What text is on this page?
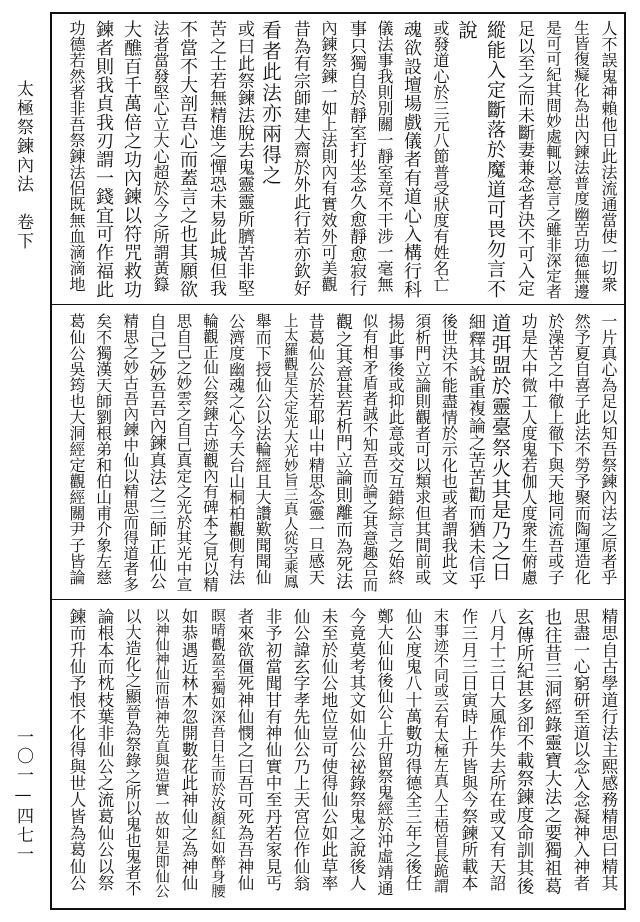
太極祭鍊內法　卷下
一〇一—四七一
人不誤鬼神賴他日此法流通當使一切衆
生皆復癡化為出內鍊法普度幽苦功德無邊
是可可紀其間妙處輒以意言之雖非深定者
足以至之而未斷妻兼念者決不可入定
縱能入定斷落於魔道可畏勿言不
說
或發道心於三元八節普受狀度有姓名亡
魂欲設壇場戲儀者有道心入構行科
儀法事我則別關一靜室竟不干涉一毫無
事只獨自於靜室打坐念久愈靜愈寂行
內鍊祭鍊一如上法則內有實效外可美觀
昔為有宗師建大齋於外此行若亦欽好
看者此法亦兩得之
或曰此祭鍊法脫去鬼靈靈所臍苦非堅
苦之士若無精進之憚恐未易此城但我
不當不大剖吾心而蓋言之也其願欲
法者當發堅心立大心超於今之所謂黃籙
大醮百千萬倍之功內鍊以符咒救功
鍊者則我貞我刃謂一錢宜可作福此
功德若然者非吾祭鍊法侶既無血滴滴地
一片真心為足以知吾祭鍊內法之原者乎
然予夏自喜子此法不勞予聚而陶運造化
於澡苦之中徹上徹下與天地同流吾或子
功是大中微工人度鬼若伽人度衆生俯慮
道弭盟於靈臺祭火其是乃之日
細釋其說重複論之苦苦勸而猶未信乎
後世決不能盡情於示化也或者謂我此文
須析門立論則觀者可以類求但其間前或
揚此事後或抑此意或交互錯綜言之始終
似有相矛盾者誠不知吾而論之其意趣合而
觀之其意甚若析門立論則離而為死法
昔葛仙公於若耶山中精思念靈一旦感天
上太羅觀是天定光大光妙旨三真人從空乘鳳
舉而下授仙公以法輪經且大讚歎聞聞仙
公濟度幽魂之心今天台山桐柏觀側有法
輪觀正仙公祭鍊古迹觀內有碑本之見以精
思自己之妙雲之自己真定之光於其光中宣
自己之妙吾吾內鍊真法之三師正仙公
精思之妙古吾內鍊中仙以精思而得道者多
矣不獨漢天師劉根弟和伯山甫介象左慈
葛仙公吳筠也大洞經定觀經關尹子皆論
精思自古學道行法主熙感務精思曰精其
思盡一心窮研至道以念入念凝神入神者
也往昔三洞經錄靈寶大法之要獨祖葛
玄傳所紀甚多卻不載祭鍊度命訓其後
八月十三日大風作失去所在或又有天詔
作三月三日寅時上升皆與今祭鍊所載本
末事迹不同或云有太極左真人王梧首長跪謂
仙公度鬼八十萬數功得德全三年之後任
鄭大仙仙後仙公上升留祭鬼經於沖虛靖通
今竟莫考其文如仙公祕錄祭鬼之說後人
未至於仙公地位豈可使得仙公如此草率
仙公諱玄字孝先仙公乃上天宮位作仙翁
非予初當聞甘有神仙實中至丹若家見丐
者來欲僵死神仙憫之曰吾可死為吾神仙
瞑晴觀盈至獨如深吾日生而於汝顏紅如醉身腰
如恭遇近林木忽開數花此神仙之為神仙
以神仙神仙而悟神先直與造實一故如是即仙公
以大造化之顯晉為祭錄之所以鬼也鬼者不
論根本而枕枝葉非仙公之流葛仙公以祭
鍊而升仙予恨不化得與世人皆為葛仙公
